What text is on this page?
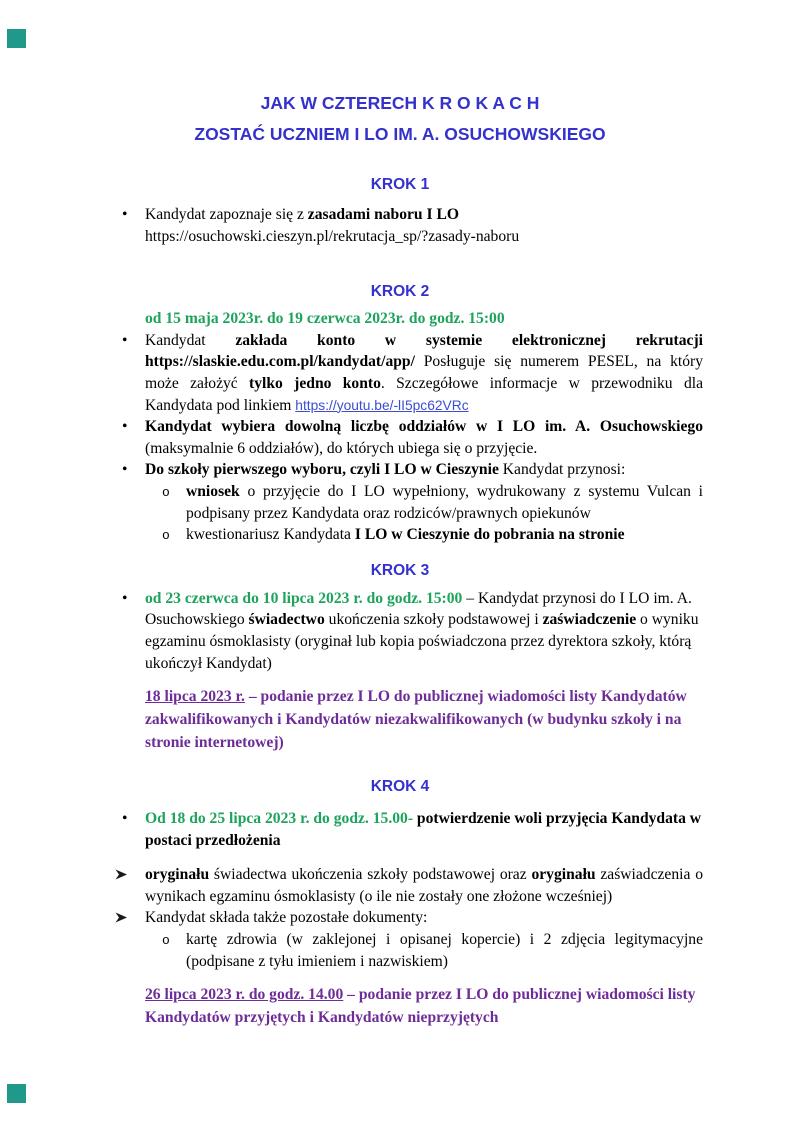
JAK W CZTERECH K R O K A C H
ZOSTAĆ UCZNIEM I LO IM. A. OSUCHOWSKIEGO
KROK 1
• Kandydat zapoznaje się z zasadami naboru I LO
https://osuchowski.cieszyn.pl/rekrutacja_sp/?zasady-naboru
KROK 2
od 15 maja 2023r. do 19 czerwca 2023r. do godz. 15:00
• Kandydat zakłada konto w systemie elektronicznej rekrutacji https://slaskie.edu.com.pl/kandydat/app/ Posługuje się numerem PESEL, na który może założyć tylko jedno konto. Szczegółowe informacje w przewodniku dla Kandydata pod linkiem https://youtu.be/-lI5pc62VRc
• Kandydat wybiera dowolną liczbę oddziałów w I LO im. A. Osuchowskiego (maksymalnie 6 oddziałów), do których ubiega się o przyjęcie.
• Do szkoły pierwszego wyboru, czyli I LO w Cieszynie Kandydat przynosi:
o wniosek o przyjęcie do I LO wypełniony, wydrukowany z systemu Vulcan i podpisany przez Kandydata oraz rodziców/prawnych opiekunów
o kwestionariusz Kandydata I LO w Cieszynie do pobrania na stronie
KROK 3
• od 23 czerwca do 10 lipca 2023 r. do godz. 15:00 – Kandydat przynosi do I LO im. A. Osuchowskiego świadectwo ukończenia szkoły podstawowej i zaświadczenie o wyniku egzaminu ósmoklasisty (oryginał lub kopia poświadczona przez dyrektora szkoły, którą ukończył Kandydat)
18 lipca 2023 r. – podanie przez I LO do publicznej wiadomości listy Kandydatów zakwalifikowanych i Kandydatów niezakwalifikowanych (w budynku szkoły i na stronie internetowej)
KROK 4
• Od 18 do 25 lipca 2023 r. do godz. 15.00- potwierdzenie woli przyjęcia Kandydata w postaci przedłożenia
oryginału świadectwa ukończenia szkoły podstawowej oraz oryginału zaświadczenia o wynikach egzaminu ósmoklasisty (o ile nie zostały one złożone wcześniej)
Kandydat składa także pozostałe dokumenty:
o kartę zdrowia (w zaklejonej i opisanej kopercie) i 2 zdjęcia legitymacyjne (podpisane z tyłu imieniem i nazwiskiem)
26 lipca 2023 r. do godz. 14.00 – podanie przez I LO do publicznej wiadomości listy Kandydatów przyjętych i Kandydatów nieprzyjętych
